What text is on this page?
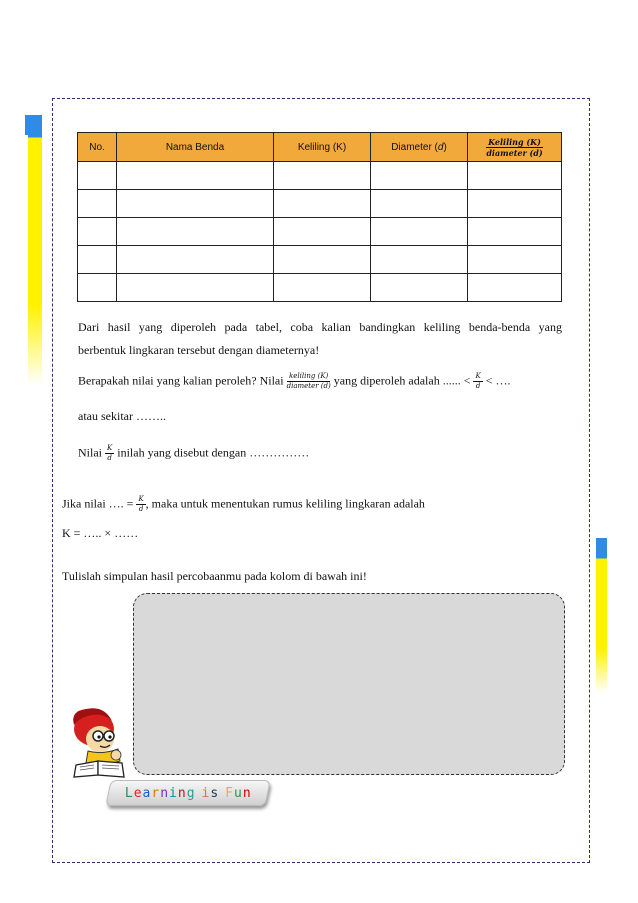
No.	Nama Benda	Keliling (K)	Diameter (d)	$\frac{\text{Keliling (K)}}{\text{diameter (d)}}$

Dari hasil yang diperoleh pada tabel, coba kalian bandingkan keliling benda-benda yang
berbentuk lingkaran tersebut dengan diameternya!
Berapakah nilai yang kalian peroleh? Nilai $\frac{\text{keliling (K)}}{\text{diameter (d)}}$ yang diperoleh adalah ...... < $\frac{K}{d}$ < ….
atau sekitar ……..
Nilai $\frac{K}{d}$ inilah yang disebut dengan ……………
Jika nilai …. = $\frac{K}{d}$ , maka untuk menentukan rumus keliling lingkaran adalah
K = ….. × ……
Tulislah simpulan hasil percobaanmu pada kolom di bawah ini!
Learning is Fun
